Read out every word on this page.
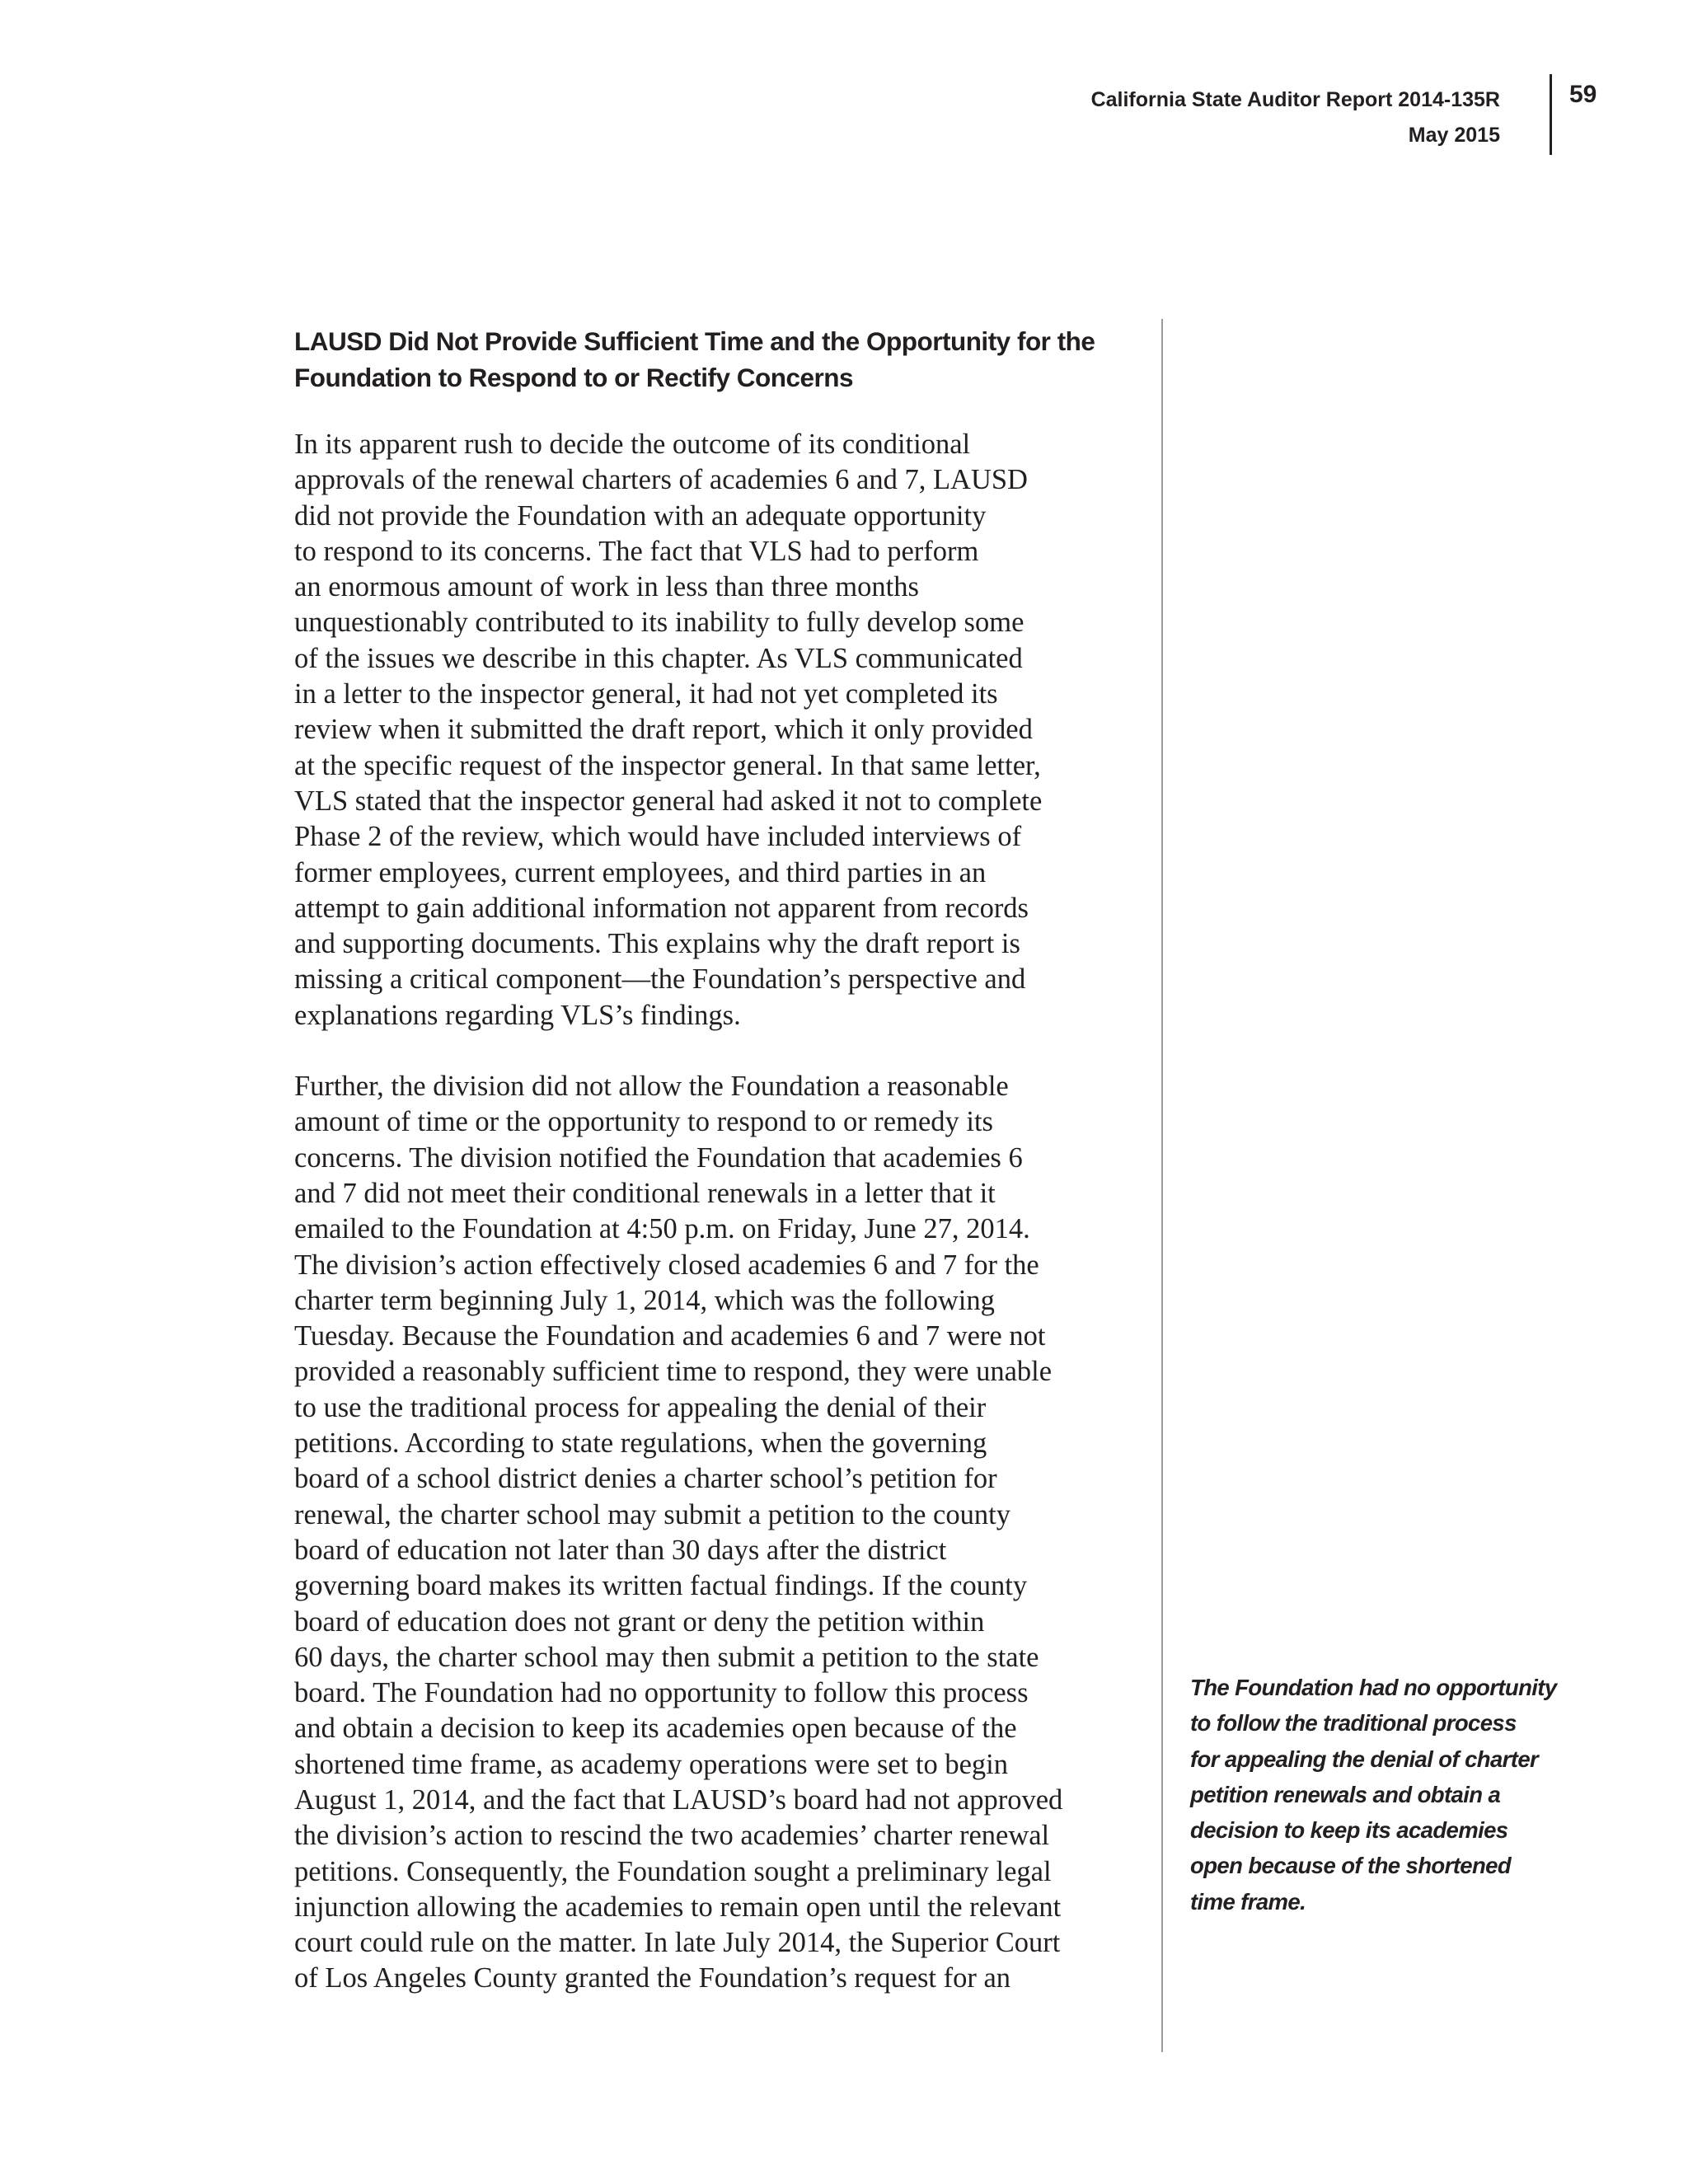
California State Auditor Report 2014-135R
May 2015
59
LAUSD Did Not Provide Sufficient Time and the Opportunity for the
Foundation to Respond to or Rectify Concerns

In its apparent rush to decide the outcome of its conditional
approvals of the renewal charters of academies 6 and 7, LAUSD
did not provide the Foundation with an adequate opportunity
to respond to its concerns. The fact that VLS had to perform
an enormous amount of work in less than three months
unquestionably contributed to its inability to fully develop some
of the issues we describe in this chapter. As VLS communicated
in a letter to the inspector general, it had not yet completed its
review when it submitted the draft report, which it only provided
at the specific request of the inspector general. In that same letter,
VLS stated that the inspector general had asked it not to complete
Phase 2 of the review, which would have included interviews of
former employees, current employees, and third parties in an
attempt to gain additional information not apparent from records
and supporting documents. This explains why the draft report is
missing a critical component—the Foundation’s perspective and
explanations regarding VLS’s findings.

Further, the division did not allow the Foundation a reasonable
amount of time or the opportunity to respond to or remedy its
concerns. The division notified the Foundation that academies 6
and 7 did not meet their conditional renewals in a letter that it
emailed to the Foundation at 4:50 p.m. on Friday, June 27, 2014.
The division’s action effectively closed academies 6 and 7 for the
charter term beginning July 1, 2014, which was the following
Tuesday. Because the Foundation and academies 6 and 7 were not
provided a reasonably sufficient time to respond, they were unable
to use the traditional process for appealing the denial of their
petitions. According to state regulations, when the governing
board of a school district denies a charter school’s petition for
renewal, the charter school may submit a petition to the county
board of education not later than 30 days after the district
governing board makes its written factual findings. If the county
board of education does not grant or deny the petition within
60 days, the charter school may then submit a petition to the state
board. The Foundation had no opportunity to follow this process
and obtain a decision to keep its academies open because of the
shortened time frame, as academy operations were set to begin
August 1, 2014, and the fact that LAUSD’s board had not approved
the division’s action to rescind the two academies’ charter renewal
petitions. Consequently, the Foundation sought a preliminary legal
injunction allowing the academies to remain open until the relevant
court could rule on the matter. In late July 2014, the Superior Court
of Los Angeles County granted the Foundation’s request for an

The Foundation had no opportunity
to follow the traditional process
for appealing the denial of charter
petition renewals and obtain a
decision to keep its academies
open because of the shortened
time frame.
